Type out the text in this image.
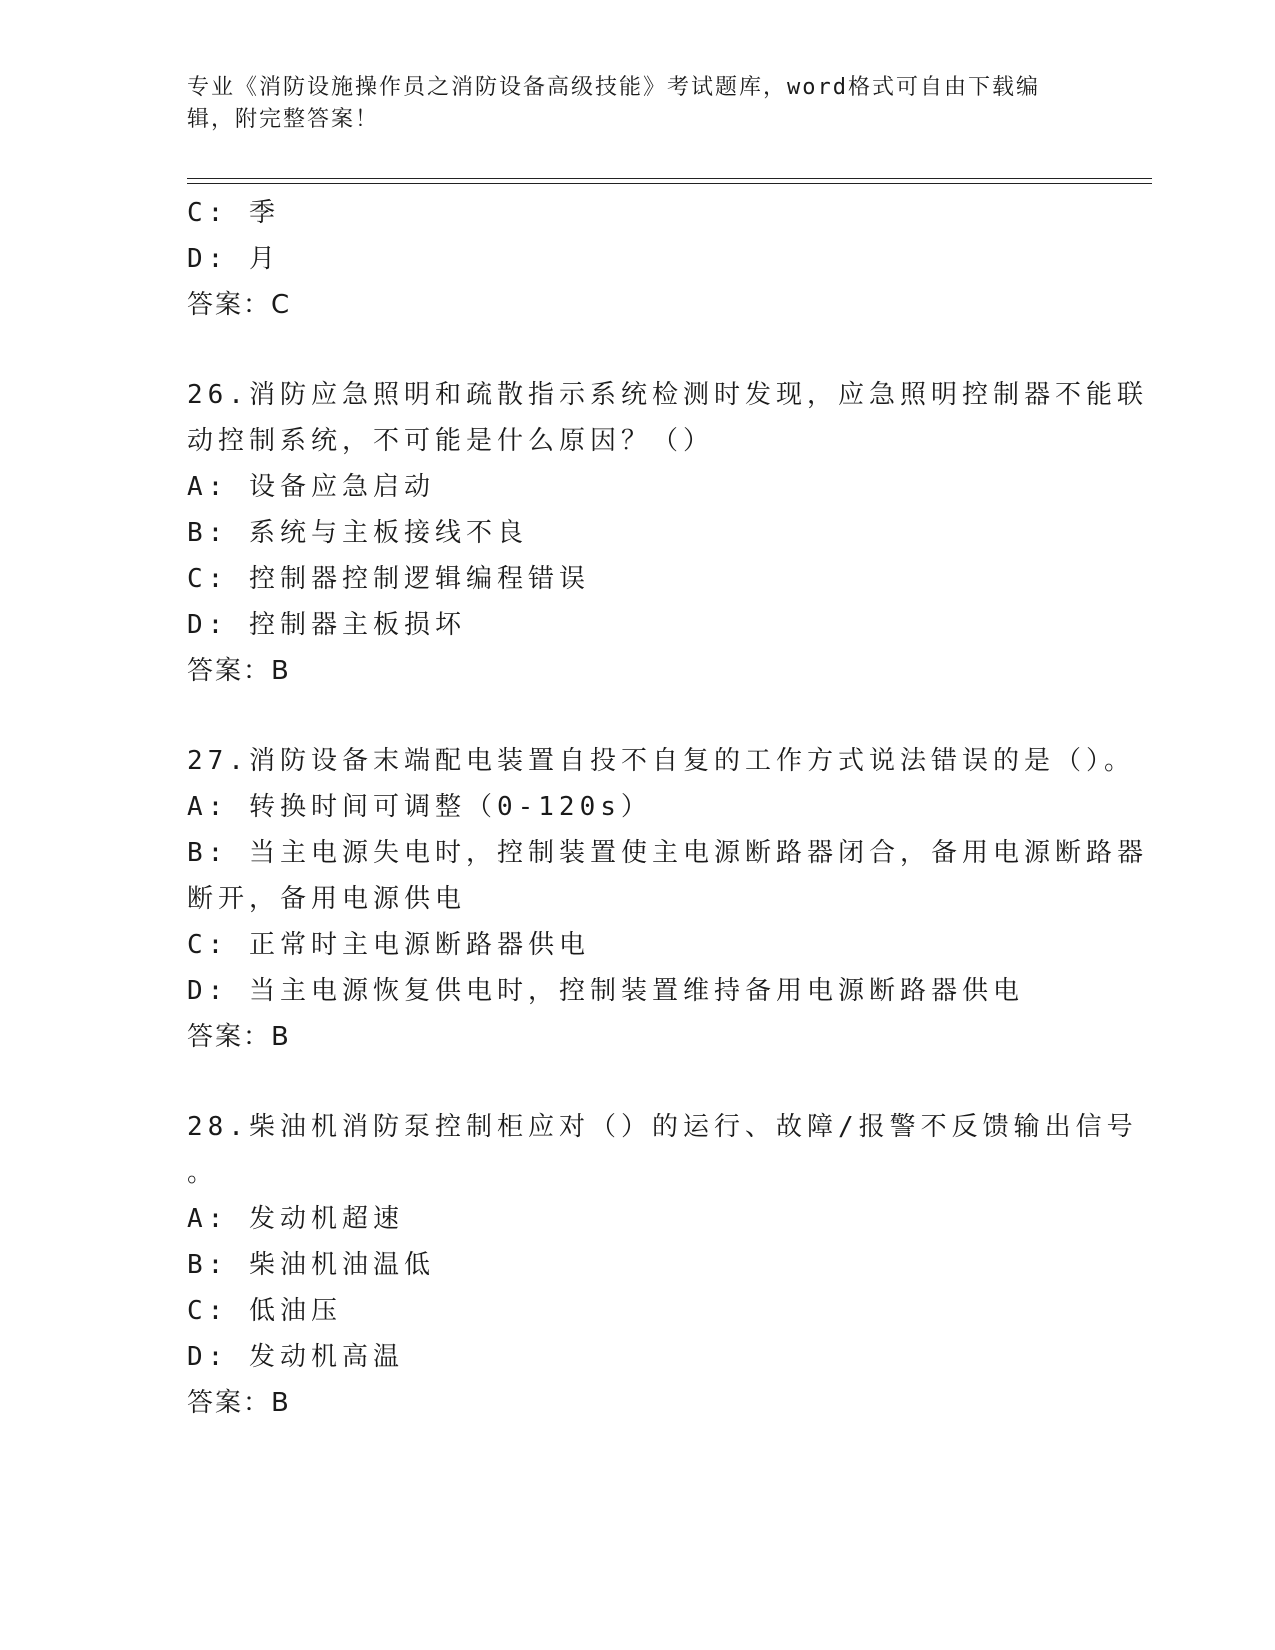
专业《消防设施操作员之消防设备高级技能》考试题库，word格式可自由下载编
辑，附完整答案！
C: 季
D: 月
答案：C
26.消防应急照明和疏散指示系统检测时发现，应急照明控制器不能联
动控制系统，不可能是什么原因？（）
A: 设备应急启动
B: 系统与主板接线不良
C: 控制器控制逻辑编程错误
D: 控制器主板损坏
答案：B
27.消防设备末端配电装置自投不自复的工作方式说法错误的是（）。
A: 转换时间可调整（0-120s）
B: 当主电源失电时，控制装置使主电源断路器闭合，备用电源断路器
断开，备用电源供电
C: 正常时主电源断路器供电
D: 当主电源恢复供电时，控制装置维持备用电源断路器供电
答案：B
28.柴油机消防泵控制柜应对（）的运行、故障/报警不反馈输出信号
。
A: 发动机超速
B: 柴油机油温低
C: 低油压
D: 发动机高温
答案：B
